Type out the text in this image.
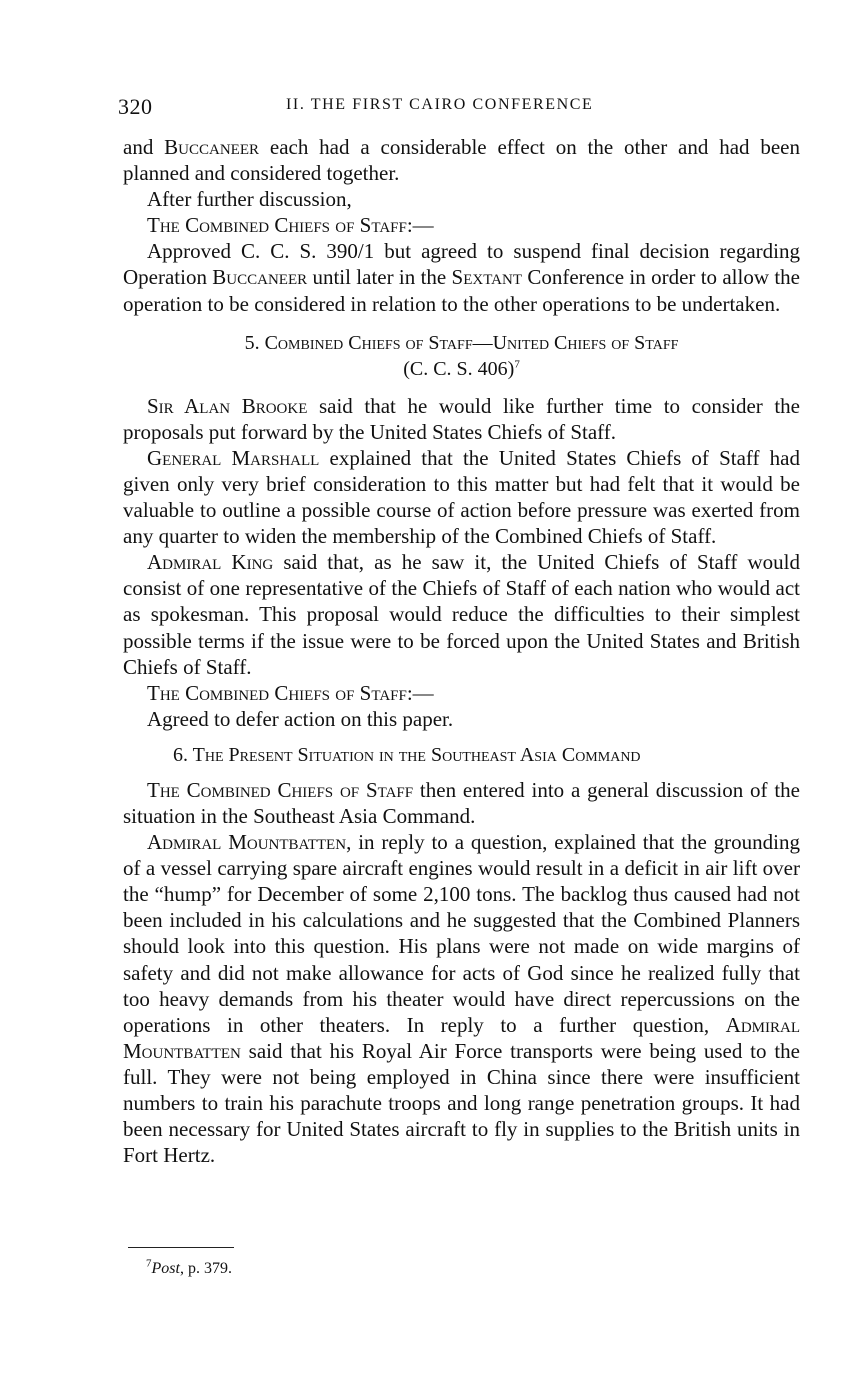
320	II. THE FIRST CAIRO CONFERENCE

and Buccaneer each had a considerable effect on the other and had been planned and considered together.

After further discussion,

The Combined Chiefs of Staff:—

Approved C. C. S. 390/1 but agreed to suspend final decision regarding Operation Buccaneer until later in the Sextant Conference in order to allow the operation to be considered in relation to the other operations to be undertaken.

5. Combined Chiefs of Staff—United Chiefs of Staff
(C. C. S. 406)$^7$

Sir Alan Brooke said that he would like further time to consider the proposals put forward by the United States Chiefs of Staff.

General Marshall explained that the United States Chiefs of Staff had given only very brief consideration to this matter but had felt that it would be valuable to outline a possible course of action before pressure was exerted from any quarter to widen the membership of the Combined Chiefs of Staff.

Admiral King said that, as he saw it, the United Chiefs of Staff would consist of one representative of the Chiefs of Staff of each nation who would act as spokesman. This proposal would reduce the difficulties to their simplest possible terms if the issue were to be forced upon the United States and British Chiefs of Staff.

The Combined Chiefs of Staff:—

Agreed to defer action on this paper.

6. The Present Situation in the Southeast Asia Command

The Combined Chiefs of Staff then entered into a general discussion of the situation in the Southeast Asia Command.

Admiral Mountbatten, in reply to a question, explained that the grounding of a vessel carrying spare aircraft engines would result in a deficit in air lift over the “hump” for December of some 2,100 tons. The backlog thus caused had not been included in his calculations and he suggested that the Combined Planners should look into this question. His plans were not made on wide margins of safety and did not make allowance for acts of God since he realized fully that too heavy demands from his theater would have direct repercussions on the operations in other theaters. In reply to a further question, Admiral Mountbatten said that his Royal Air Force transports were being used to the full. They were not being employed in China since there were insufficient numbers to train his parachute troops and long range penetration groups. It had been necessary for United States aircraft to fly in supplies to the British units in Fort Hertz.

$^7$Post, p. 379.
